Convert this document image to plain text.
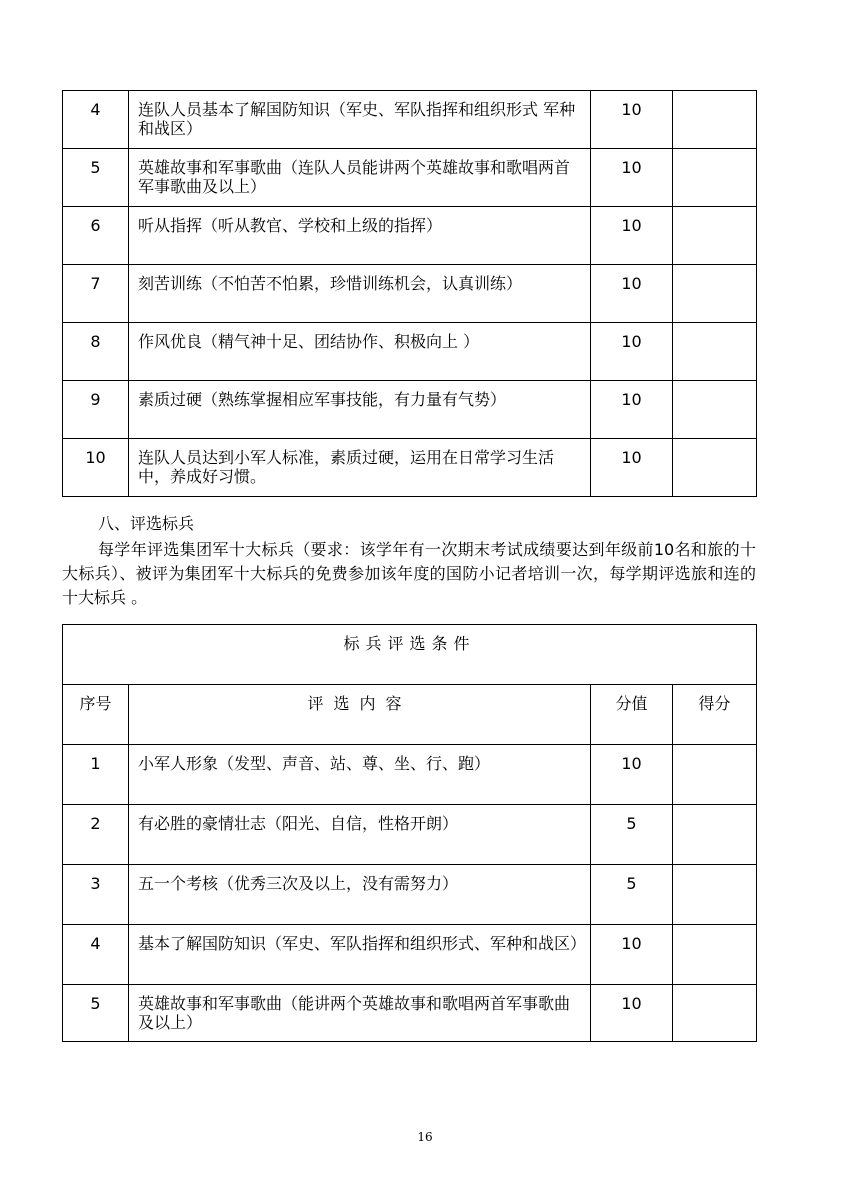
4	连队人员基本了解国防知识（军史、军队指挥和组织形式 军种和战区）	10	
5	英雄故事和军事歌曲（连队人员能讲两个英雄故事和歌唱两首军事歌曲及以上）	10	
6	听从指挥（听从教官、学校和上级的指挥）	10	
7	刻苦训练（不怕苦不怕累，珍惜训练机会，认真训练）	10	
8	作风优良（精气神十足、团结协作、积极向上 ）	10	
9	素质过硬（熟练掌握相应军事技能，有力量有气势）	10	
10	连队人员达到小军人标准，素质过硬，运用在日常学习生活中，养成好习惯。	10	
八、评选标兵
每学年评选集团军十大标兵（要求：该学年有一次期末考试成绩要达到年级前10名和旅的十大标兵）、被评为集团军十大标兵的免费参加该年度的国防小记者培训一次，每学期评选旅和连的十大标兵 。
标兵评选条件			
序号	评选内容	分值	得分
1	小军人形象（发型、声音、站、尊、坐、行、跑）	10	
2	有必胜的豪情壮志（阳光、自信，性格开朗）	5	
3	五一个考核（优秀三次及以上，没有需努力）	5	
4	基本了解国防知识（军史、军队指挥和组织形式、军种和战区）	10	
5	英雄故事和军事歌曲（能讲两个英雄故事和歌唱两首军事歌曲及以上）	10	
16
